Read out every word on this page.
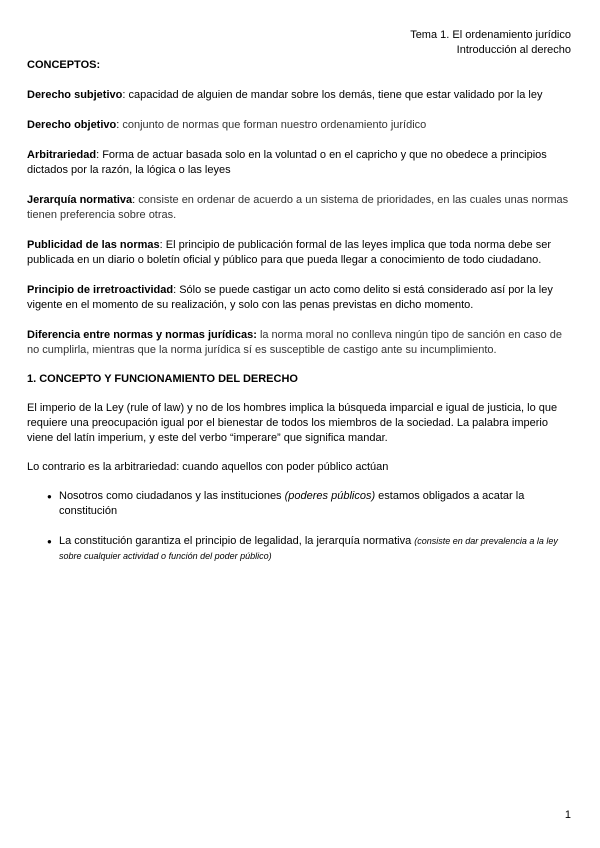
Tema 1. El ordenamiento jurídico
Introducción al derecho

CONCEPTOS:

Derecho subjetivo: capacidad de alguien de mandar sobre los demás, tiene que estar validado por la ley

Derecho objetivo: conjunto de normas que forman nuestro ordenamiento jurídico

Arbitrariedad: Forma de actuar basada solo en la voluntad o en el capricho y que no obedece a principios dictados por la razón, la lógica o las leyes

Jerarquía normativa: consiste en ordenar de acuerdo a un sistema de prioridades, en las cuales unas normas tienen preferencia sobre otras.

Publicidad de las normas: El principio de publicación formal de las leyes implica que toda norma debe ser publicada en un diario o boletín oficial y público para que pueda llegar a conocimiento de todo ciudadano.

Principio de irretroactividad: Sólo se puede castigar un acto como delito si está considerado así por la ley vigente en el momento de su realización, y solo con las penas previstas en dicho momento.

Diferencia entre normas y normas jurídicas: la norma moral no conlleva ningún tipo de sanción en caso de no cumplirla, mientras que la norma jurídica sí es susceptible de castigo ante su incumplimiento.

1. CONCEPTO Y FUNCIONAMIENTO DEL DERECHO

El imperio de la Ley (rule of law) y no de los hombres implica la búsqueda imparcial e igual de justicia, lo que requiere una preocupación igual por el bienestar de todos los miembros de la sociedad. La palabra imperio viene del latín imperium, y este del verbo “imperare” que significa mandar.

Lo contrario es la arbitrariedad: cuando aquellos con poder público actúan

● Nosotros como ciudadanos y las instituciones (poderes públicos) estamos obligados a acatar la constitución
● La constitución garantiza el principio de legalidad, la jerarquía normativa (consiste en dar prevalencia a la ley sobre cualquier actividad o función del poder público)
1
